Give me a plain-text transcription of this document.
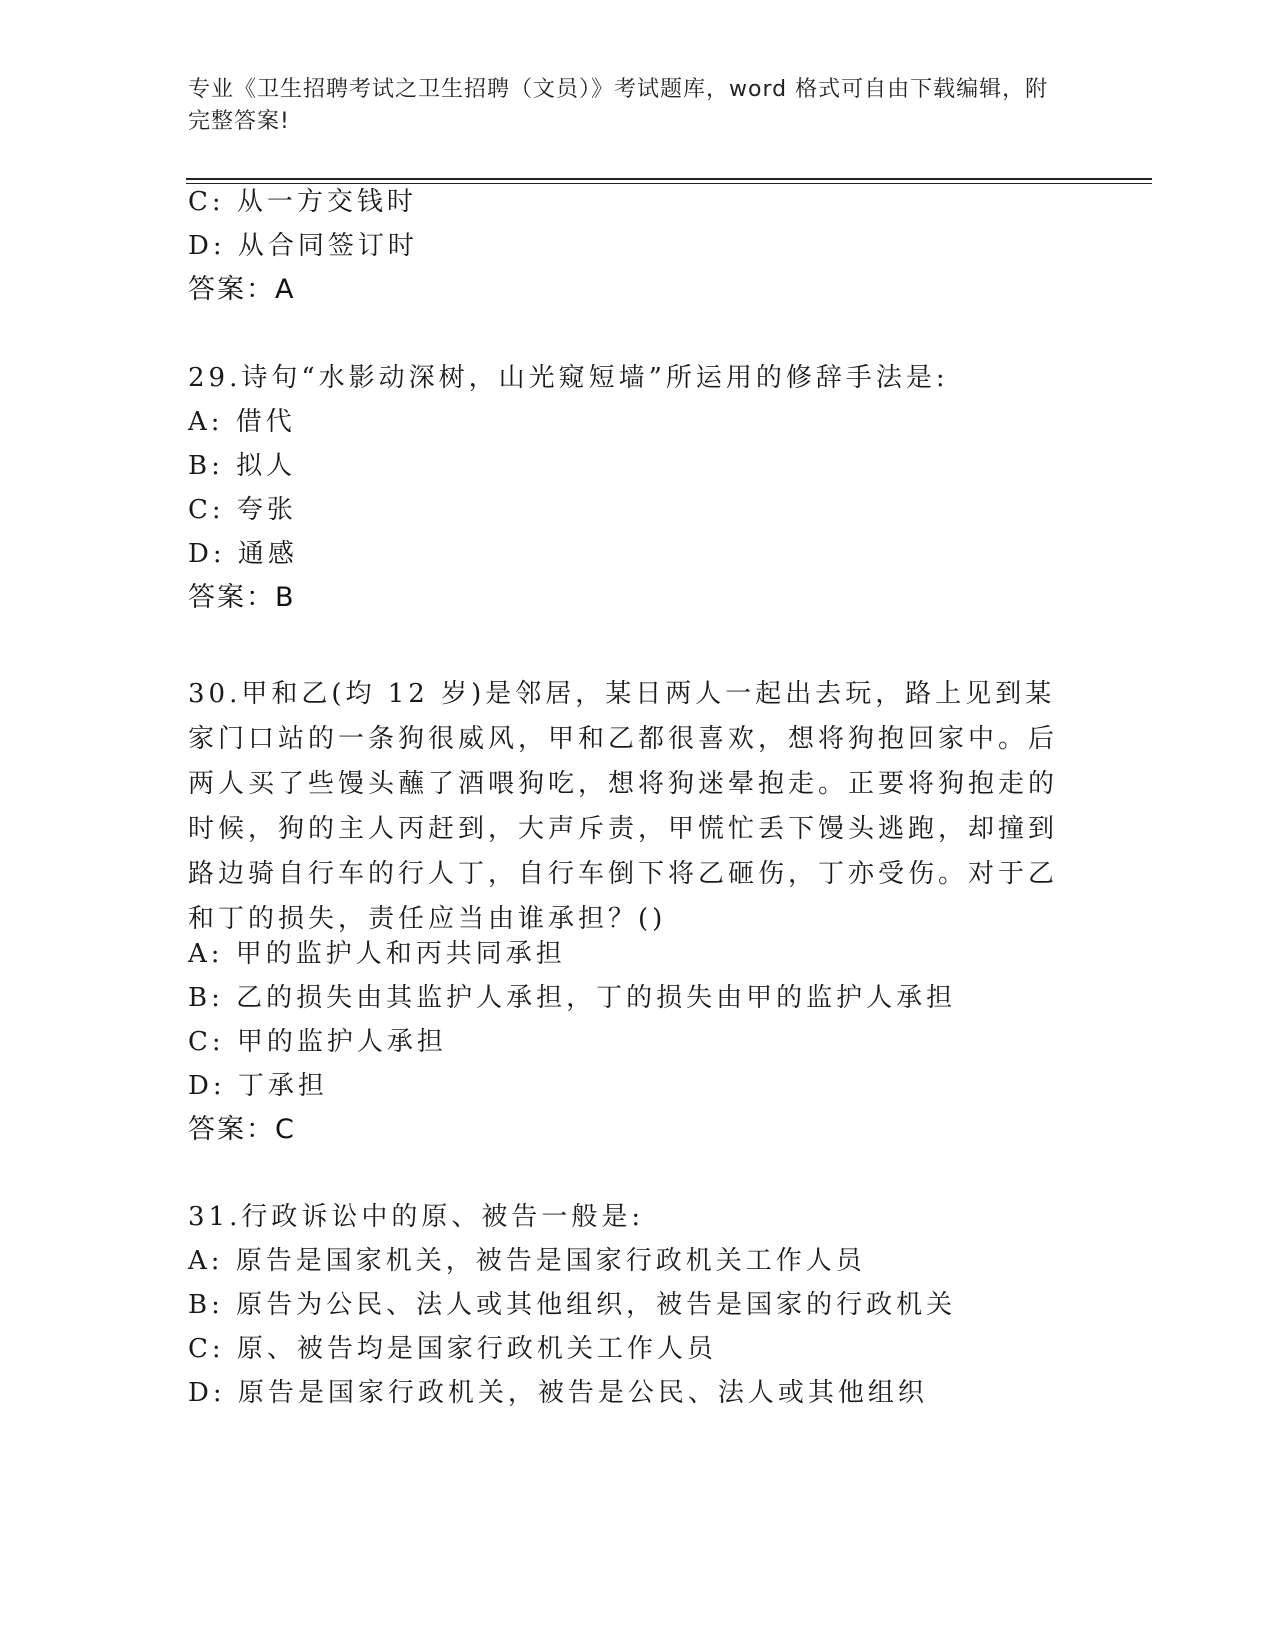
专业《卫生招聘考试之卫生招聘（文员）》考试题库，word 格式可自由下载编辑，附完整答案!
C: 从一方交钱时
D: 从合同签订时
答案：A
29.诗句“水影动深树，山光窥短墙”所运用的修辞手法是:
A: 借代
B: 拟人
C: 夸张
D: 通感
答案：B
30.甲和乙(均 12 岁)是邻居，某日两人一起出去玩，路上见到某家门口站的一条狗很威风，甲和乙都很喜欢，想将狗抱回家中。后两人买了些馒头蘸了酒喂狗吃，想将狗迷晕抱走。正要将狗抱走的时候，狗的主人丙赶到，大声斥责，甲慌忙丢下馒头逃跑，却撞到路边骑自行车的行人丁，自行车倒下将乙砸伤，丁亦受伤。对于乙和丁的损失，责任应当由谁承担？()
A: 甲的监护人和丙共同承担
B: 乙的损失由其监护人承担，丁的损失由甲的监护人承担
C: 甲的监护人承担
D: 丁承担
答案：C
31.行政诉讼中的原、被告一般是:
A: 原告是国家机关，被告是国家行政机关工作人员
B: 原告为公民、法人或其他组织，被告是国家的行政机关
C: 原、被告均是国家行政机关工作人员
D: 原告是国家行政机关，被告是公民、法人或其他组织
